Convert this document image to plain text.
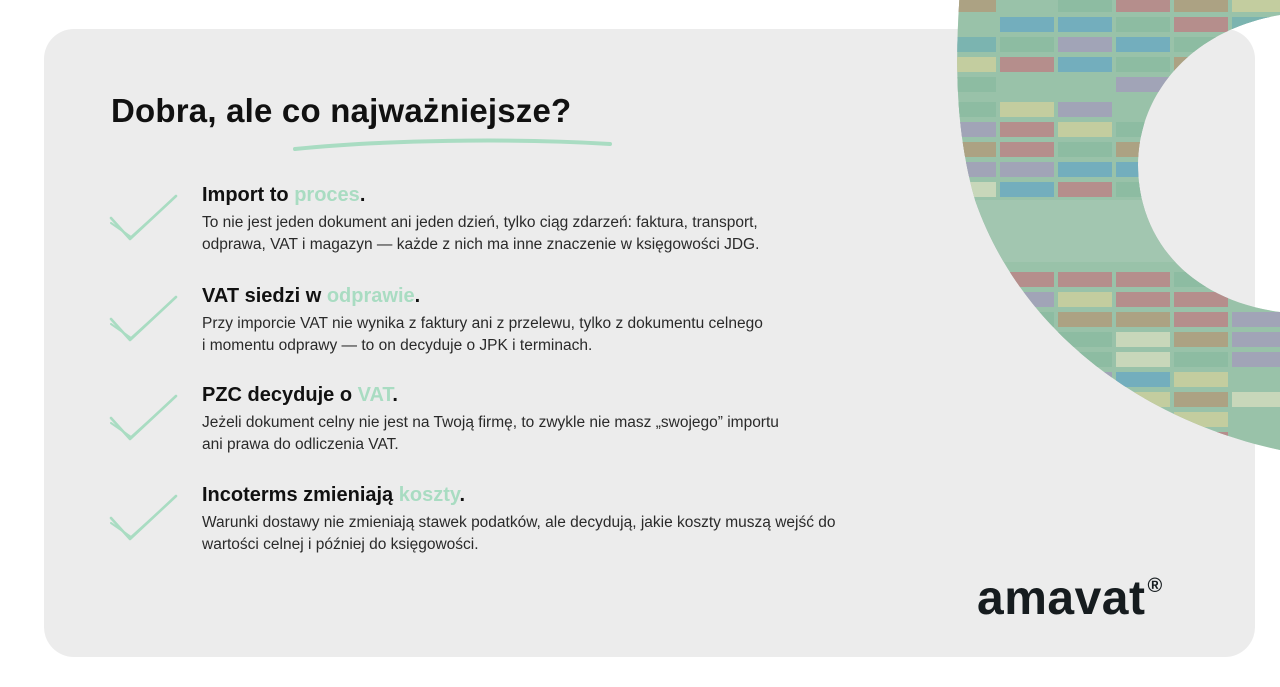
Dobra, ale co najważniejsze?
Import to proces.

To nie jest jeden dokument ani jeden dzień, tylko ciąg zdarzeń: faktura, transport,
odprawa, VAT i magazyn — każde z nich ma inne znaczenie w księgowości JDG.

VAT siedzi w odprawie.

Przy imporcie VAT nie wynika z faktury ani z przelewu, tylko z dokumentu celnego
i momentu odprawy — to on decyduje o JPK i terminach.

PZC decyduje o VAT.

Jeżeli dokument celny nie jest na Twoją firmę, to zwykle nie masz „swojego” importu
ani prawa do odliczenia VAT.

Incoterms zmieniają koszty.

Warunki dostawy nie zmieniają stawek podatków, ale decydują, jakie koszty muszą wejść do
wartości celnej i później do księgowości.

amavat ®
